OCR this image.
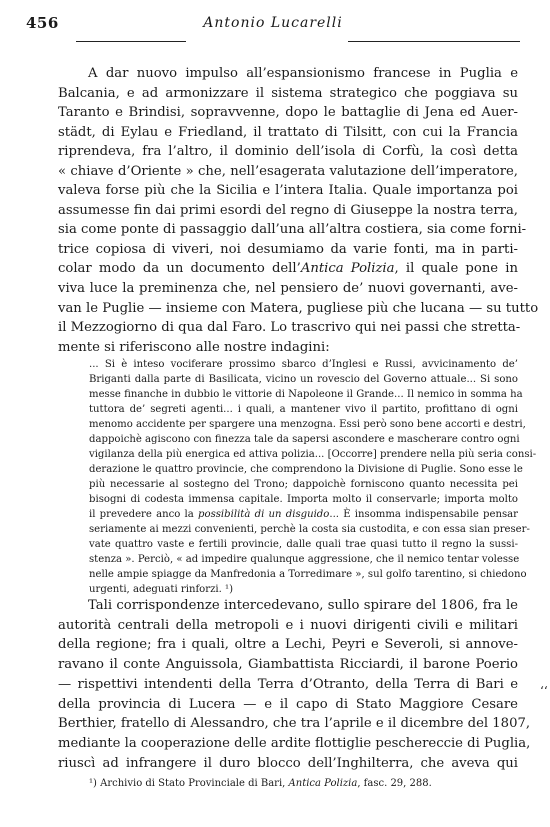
456	Antonio Lucarelli
A dar nuovo impulso all’espansionismo francese in Puglia e
Balcania, e ad armonizzare il sistema strategico che poggiava su
Taranto e Brindisi, sopravvenne, dopo le battaglie di Jena ed Auer-
städt, di Eylau e Friedland, il trattato di Tilsitt, con cui la Francia
riprendeva, fra l’altro, il dominio dell’isola di Corfù, la così detta
« chiave d’Oriente » che, nell’esagerata valutazione dell’imperatore,
valeva forse più che la Sicilia e l’intera Italia. Quale importanza poi
assumesse fin dai primi esordi del regno di Giuseppe la nostra terra,
sia come ponte di passaggio dall’una all’altra costiera, sia come forni-
trice copiosa di viveri, noi desumiamo da varie fonti, ma in parti-
colar modo da un documento dell’Antica Polizia, il quale pone in
viva luce la preminenza che, nel pensiero de’ nuovi governanti, ave-
van le Puglie — insieme con Matera, pugliese più che lucana — su tutto
il Mezzogiorno di qua dal Faro. Lo trascrivo qui nei passi che stretta-
mente si riferiscono alle nostre indagini:
... Si è inteso vociferare prossimo sbarco d’Inglesi e Russi, avvicinamento de’
Briganti dalla parte di Basilicata, vicino un rovescio del Governo attuale... Si sono
messe finanche in dubbio le vittorie di Napoleone il Grande... Il nemico in somma ha
tuttora de’ segreti agenti... i quali, a mantener vivo il partito, profittano di ogni
menomo accidente per spargere una menzogna. Essi però sono bene accorti e destri,
dappoichè agiscono con finezza tale da sapersi ascondere e mascherare contro ogni
vigilanza della più energica ed attiva polizia... [Occorre] prendere nella più seria consi-
derazione le quattro provincie, che comprendono la Divisione di Puglie. Sono esse le
più necessarie al sostegno del Trono; dappoichè forniscono quanto necessita pei
bisogni di codesta immensa capitale. Importa molto il conservarle; importa molto
il prevedere anco la possibilità di un disguido... È insomma indispensabile pensar
seriamente ai mezzi convenienti, perchè la costa sia custodita, e con essa sian preser-
vate quattro vaste e fertili provincie, dalle quali trae quasi tutto il regno la sussi-
stenza ». Perciò, « ad impedire qualunque aggressione, che il nemico tentar volesse
nelle ampie spiagge da Manfredonia a Torredimare », sul golfo tarentino, si chiedono
urgenti, adeguati rinforzi. ¹)
Tali corrispondenze intercedevano, sullo spirare del 1806, fra le
autorità centrali della metropoli e i nuovi dirigenti civili e militari
della regione; fra i quali, oltre a Lechi, Peyri e Severoli, si annove-
ravano il conte Anguissola, Giambattista Ricciardi, il barone Poerio
— rispettivi intendenti della Terra d’Otranto, della Terra di Bari e
della provincia di Lucera — e il capo di Stato Maggiore Cesare
Berthier, fratello di Alessandro, che tra l’aprile e il dicembre del 1807,
mediante la cooperazione delle ardite flottiglie peschereccie di Puglia,
riuscì ad infrangere il duro blocco dell’Inghilterra, che aveva qui
‘‘
¹) Archivio di Stato Provinciale di Bari, Antica Polizia, fasc. 29, 288.
